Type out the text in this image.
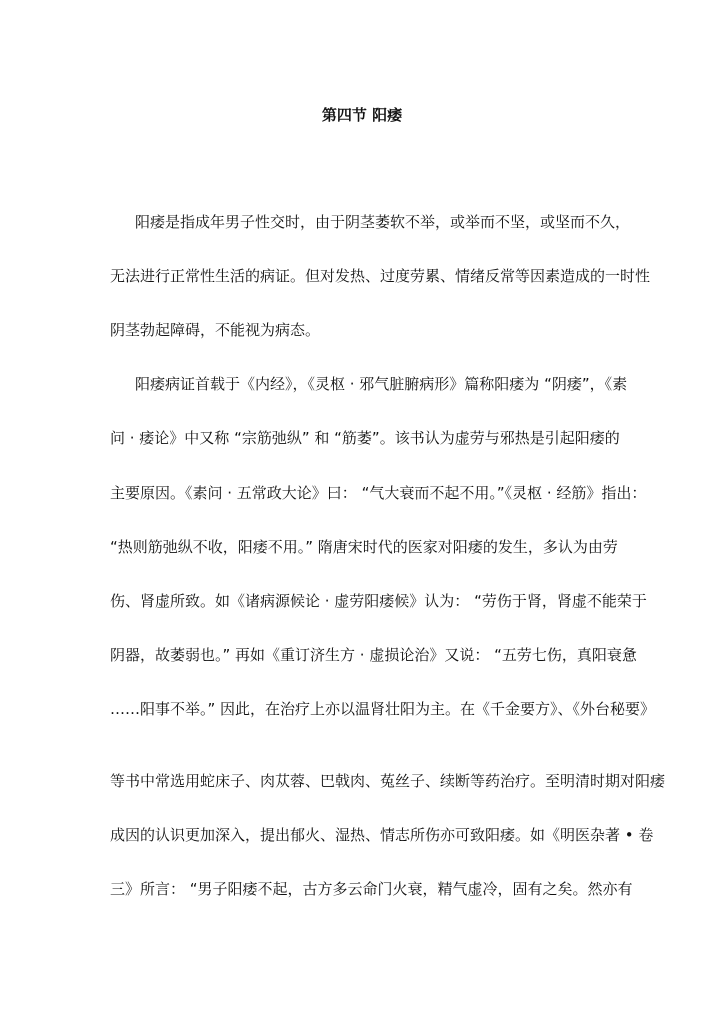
第四节 阳痿
阳痿是指成年男子性交时，由于阴茎萎软不举，或举而不坚，或坚而不久，
无法进行正常性生活的病证。但对发热、过度劳累、情绪反常等因素造成的一时性
阴茎勃起障碍，不能视为病态。
阳痿病证首载于《内经》，《灵枢 · 邪气脏腑病形》篇称阳痿为 “阴痿”，《素
问 · 痿论》中又称 “宗筋弛纵” 和 “筋萎”。该书认为虚劳与邪热是引起阳痿的
主要原因。《素问 · 五常政大论》曰： “气大衰而不起不用。”《灵枢 · 经筋》指出：
“热则筋弛纵不收，阳痿不用。” 隋唐宋时代的医家对阳痿的发生，多认为由劳
伤、肾虚所致。如《诸病源候论 · 虚劳阳痿候》认为： “劳伤于肾，肾虚不能荣于
阴器，故萎弱也。” 再如《重订济生方 · 虚损论治》又说： “五劳七伤，真阳衰惫
……阳事不举。” 因此，在治疗上亦以温肾壮阳为主。在《千金要方》、《外台秘要》
等书中常选用蛇床子、肉苁蓉、巴戟肉、菟丝子、续断等药治疗。至明清时期对阳痿
成因的认识更加深入，提出郁火、湿热、情志所伤亦可致阳痿。如《明医杂著 • 卷
三》所言： “男子阳痿不起，古方多云命门火衰，精气虚冷，固有之矣。然亦有
